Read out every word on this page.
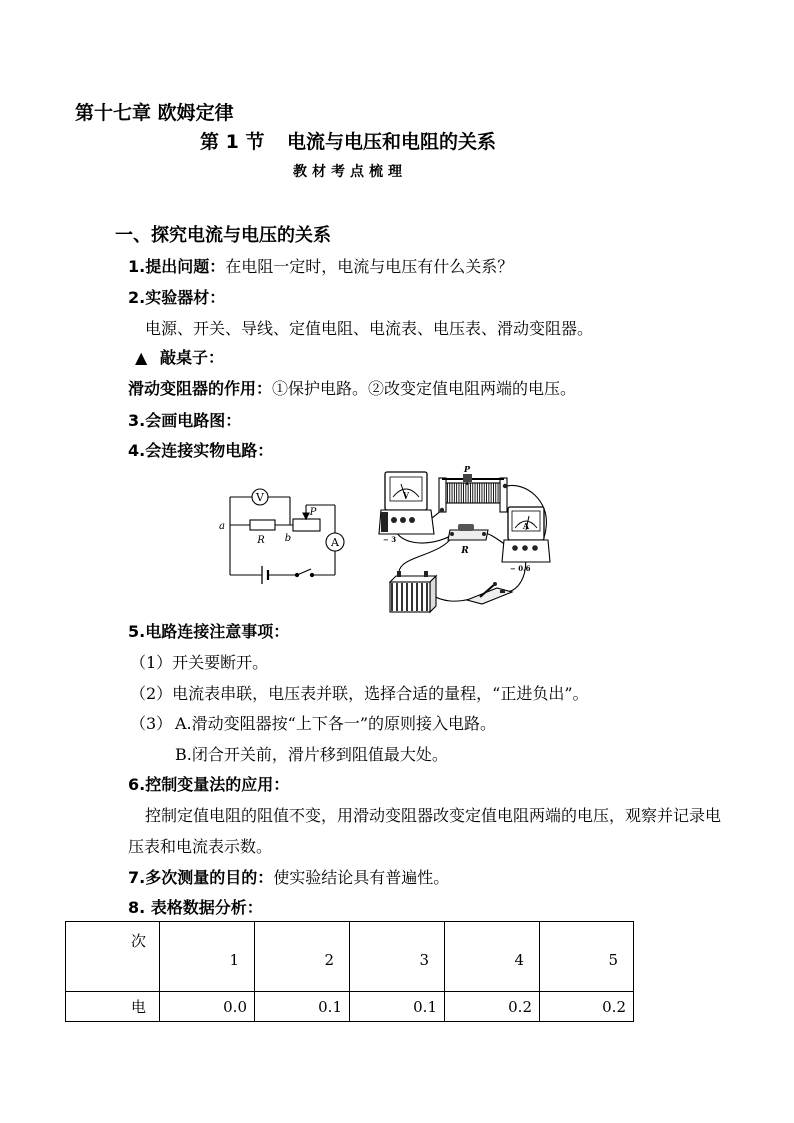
第十七章 欧姆定律
第 1 节 电流与电压和电阻的关系
教材考点梳理
一、探究电流与电压的关系
1.提出问题：在电阻一定时，电流与电压有什么关系？
2.实验器材：
电源、开关、导线、定值电阻、电流表、电压表、滑动变阻器。
▲ 敲桌子：
滑动变阻器的作用：①保护电路。②改变定值电阻两端的电压。
3.会画电路图：
4.会连接实物电路：
V
A
a
b
R
P
V
A
P
R
− 3
− 0.6
5.电路连接注意事项：
（1）开关要断开。
（2）电流表串联，电压表并联，选择合适的量程，“正进负出”。
（3） A.滑动变阻器按“上下各一”的原则接入电路。
B.闭合开关前，滑片移到阻值最大处。
6.控制变量法的应用：
控制定值电阻的阻值不变，用滑动变阻器改变定值电阻两端的电压，观察并记录电
压表和电流表示数。
7.多次测量的目的：使实验结论具有普遍性。
8. 表格数据分析：
次	1	2	3	4	5
电	0.0	0.1	0.1	0.2	0.2
